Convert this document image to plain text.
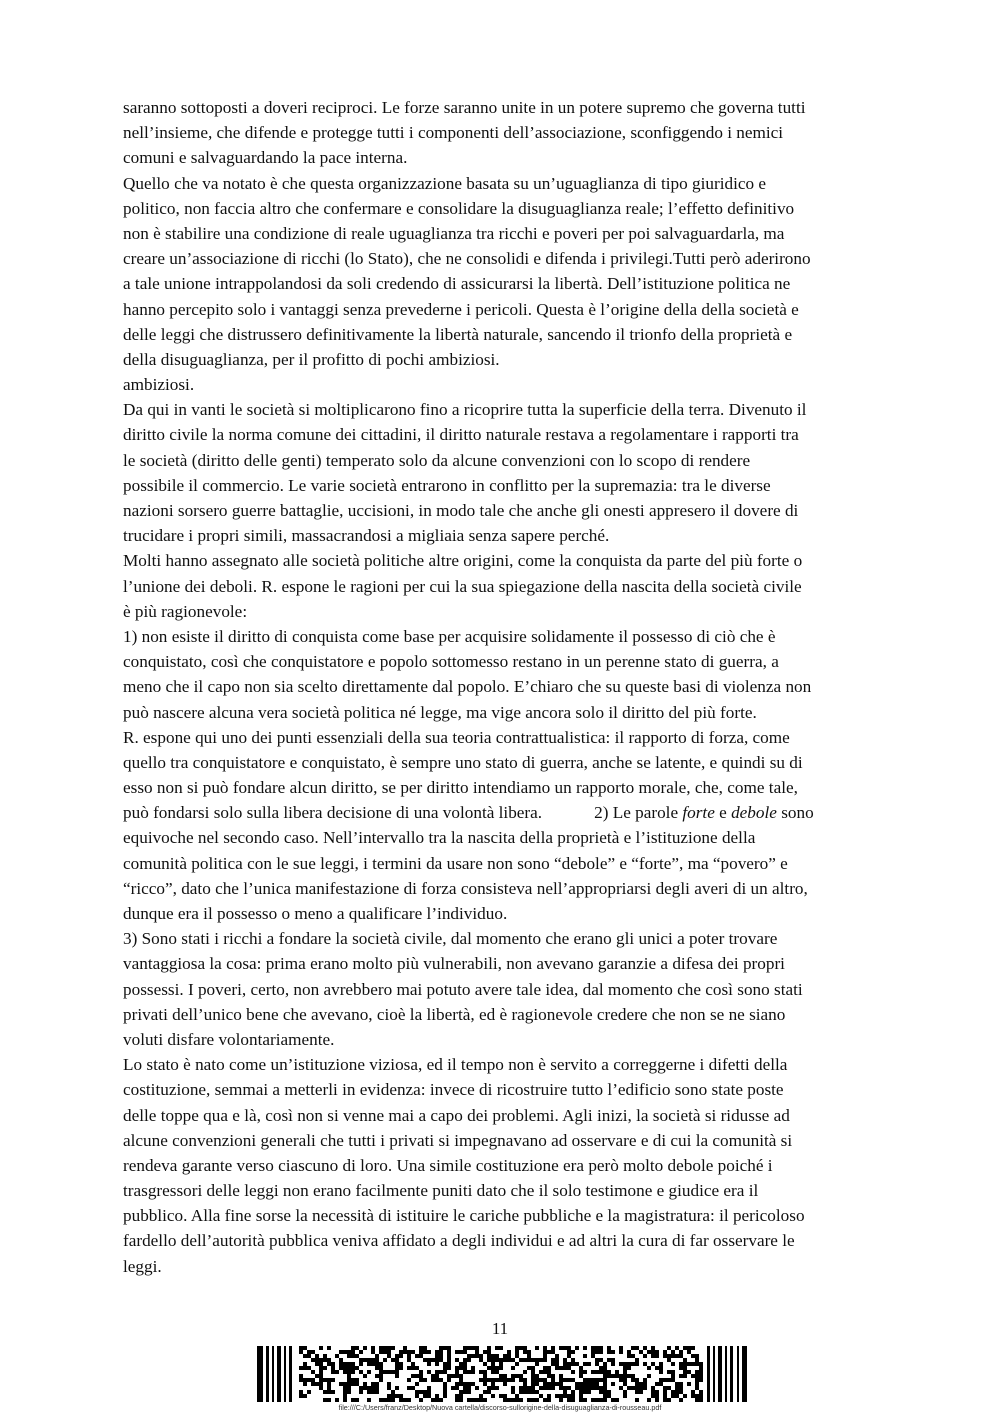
saranno sottoposti a doveri reciproci. Le forze saranno unite in un potere supremo che governa tutti
nell’insieme, che difende e protegge tutti i componenti dell’associazione, sconfiggendo i nemici
comuni e salvaguardando la pace interna.
Quello che va notato è che questa organizzazione basata su un’uguaglianza di tipo giuridico e
politico, non faccia altro che confermare e consolidare la disuguaglianza reale; l’effetto definitivo
non è stabilire una condizione di reale uguaglianza tra ricchi e poveri per poi salvaguardarla, ma
creare un’associazione di ricchi (lo Stato), che ne consolidi e difenda i privilegi.Tutti però aderirono
a tale unione intrappolandosi da soli credendo di assicurarsi la libertà. Dell’istituzione politica ne
hanno percepito solo i vantaggi senza prevederne i pericoli. Questa è l’origine della della società e
delle leggi che distrussero definitivamente la libertà naturale, sancendo il trionfo della proprietà e
della disuguaglianza, per il profitto di pochi ambiziosi.
ambiziosi.
Da qui in vanti le società si moltiplicarono fino a ricoprire tutta la superficie della terra. Divenuto il
diritto civile la norma comune dei cittadini, il diritto naturale restava a regolamentare i rapporti tra
le società (diritto delle genti) temperato solo da alcune convenzioni con lo scopo di rendere
possibile il commercio. Le varie società entrarono in conflitto per la supremazia: tra le diverse
nazioni sorsero guerre battaglie, uccisioni, in modo tale che anche gli onesti appresero il dovere di
trucidare i propri simili, massacrandosi a migliaia senza sapere perché.
Molti hanno assegnato alle società politiche altre origini, come la conquista da parte del più forte o
l’unione dei deboli. R. espone le ragioni per cui la sua spiegazione della nascita della società civile
è più ragionevole:
1) non esiste il diritto di conquista come base per acquisire solidamente il possesso di ciò che è
conquistato, così che conquistatore e popolo sottomesso restano in un perenne stato di guerra, a
meno che il capo non sia scelto direttamente dal popolo. E’chiaro che su queste basi di violenza non
può nascere alcuna vera società politica né legge, ma vige ancora solo il diritto del più forte.
R. espone qui uno dei punti essenziali della sua teoria contrattualistica: il rapporto di forza, come
quello tra conquistatore e conquistato, è sempre uno stato di guerra, anche se latente, e quindi su di
esso non si può fondare alcun diritto, se per diritto intendiamo un rapporto morale, che, come tale,
può fondarsi solo sulla libera decisione di una volontà libera.	2) Le parole forte e debole sono
equivoche nel secondo caso. Nell’intervallo tra la nascita della proprietà e l’istituzione della
comunità politica con le sue leggi, i termini da usare non sono “debole” e “forte”, ma “povero” e
“ricco”, dato che l’unica manifestazione di forza consisteva nell’appropriarsi degli averi di un altro,
dunque era il possesso o meno a qualificare l’individuo.
3) Sono stati i ricchi a fondare la società civile, dal momento che erano gli unici a poter trovare
vantaggiosa la cosa: prima erano molto più vulnerabili, non avevano garanzie a difesa dei propri
possessi. I poveri, certo, non avrebbero mai potuto avere tale idea, dal momento che così sono stati
privati dell’unico bene che avevano, cioè la libertà, ed è ragionevole credere che non se ne siano
voluti disfare volontariamente.
Lo stato è nato come un’istituzione viziosa, ed il tempo non è servito a correggerne i difetti della
costituzione, semmai a metterli in evidenza: invece di ricostruire tutto l’edificio sono state poste
delle toppe qua e là, così non si venne mai a capo dei problemi. Agli inizi, la società si ridusse ad
alcune convenzioni generali che tutti i privati si impegnavano ad osservare e di cui la comunità si
rendeva garante verso ciascuno di loro. Una simile costituzione era però molto debole poiché i
trasgressori delle leggi non erano facilmente puniti dato che il solo testimone e giudice era il
pubblico. Alla fine sorse la necessità di istituire le cariche pubbliche e la magistratura: il pericoloso
fardello dell’autorità pubblica veniva affidato a degli individui e ad altri la cura di far osservare le
leggi.
11
file:///C:/Users/franz/Desktop/Nuova cartella/discorso-sullorigine-della-disuguaglianza-di-rousseau.pdf
